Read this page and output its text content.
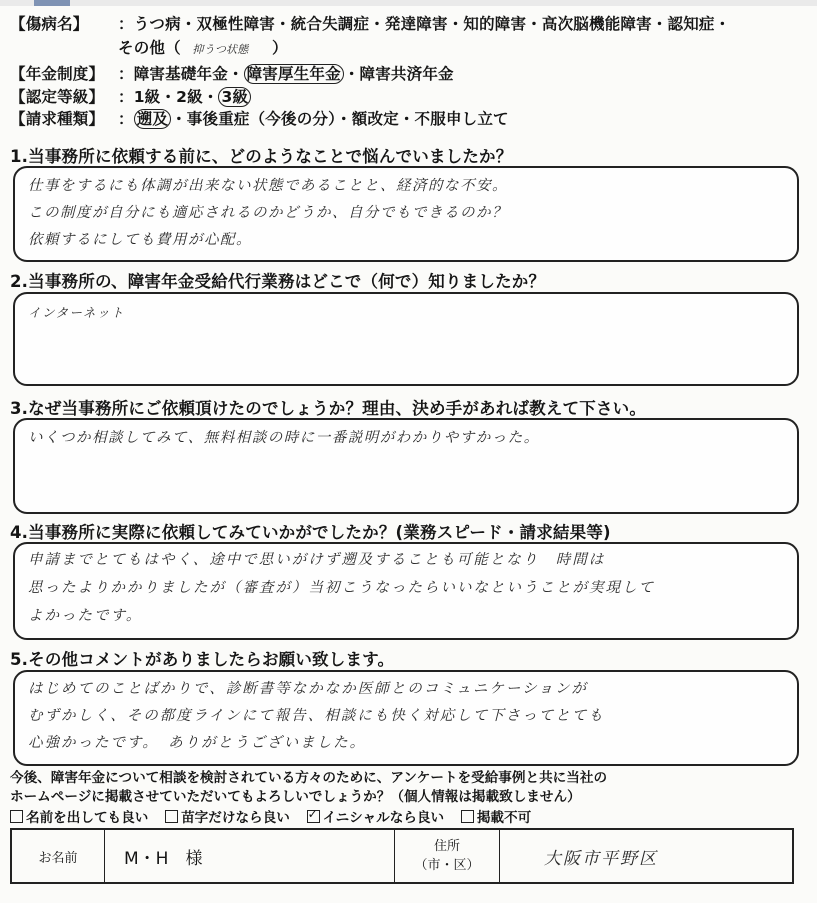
【傷病名】 ：うつ病・双極性障害・統合失調症・発達障害・知的障害・高次脳機能障害・認知症・
その他（ 抑うつ状態 ）
【年金制度】 ：障害基礎年金・ 障害厚生年金 ・障害共済年金
【認定等級】 ：1級・2級・ 3級
【請求種類】 ： 遡及 ・事後重症（今後の分）・額改定・不服申し立て
1.当事務所に依頼する前に、どのようなことで悩んでいましたか？
仕事をするにも体調が出来ない状態であることと、経済的な不安。
この制度が自分にも適応されるのかどうか、自分でもできるのか？
依頼するにしても費用が心配。
2.当事務所の、障害年金受給代行業務はどこで（何で）知りましたか？
インターネット
3.なぜ当事務所にご依頼頂けたのでしょうか？理由、決め手があれば教えて下さい。
いくつか相談してみて、無料相談の時に一番説明がわかりやすかった。
4.当事務所に実際に依頼してみていかがでしたか？(業務スピード・請求結果等)
申請までとてもはやく、途中で思いがけず遡及することも可能となり　時間は
思ったよりかかりましたが（審査が）当初こうなったらいいなということが実現して
よかったです。
5.その他コメントがありましたらお願い致します。
はじめてのことばかりで、診断書等なかなか医師とのコミュニケーションが
むずかしく、その都度ラインにて報告、相談にも快く対応して下さってとても
心強かったです。　ありがとうございました。
今後、障害年金について相談を検討されている方々のために、アンケートを受給事例と共に当社の
ホームページに掲載させていただいてもよろしいでしょうか？（個人情報は掲載致しません）
名前を出しても良い 苗字だけなら良い ✓ イニシャルなら良い 掲載不可
お名前	M・H　様
住所
（市・区）	大阪市平野区
